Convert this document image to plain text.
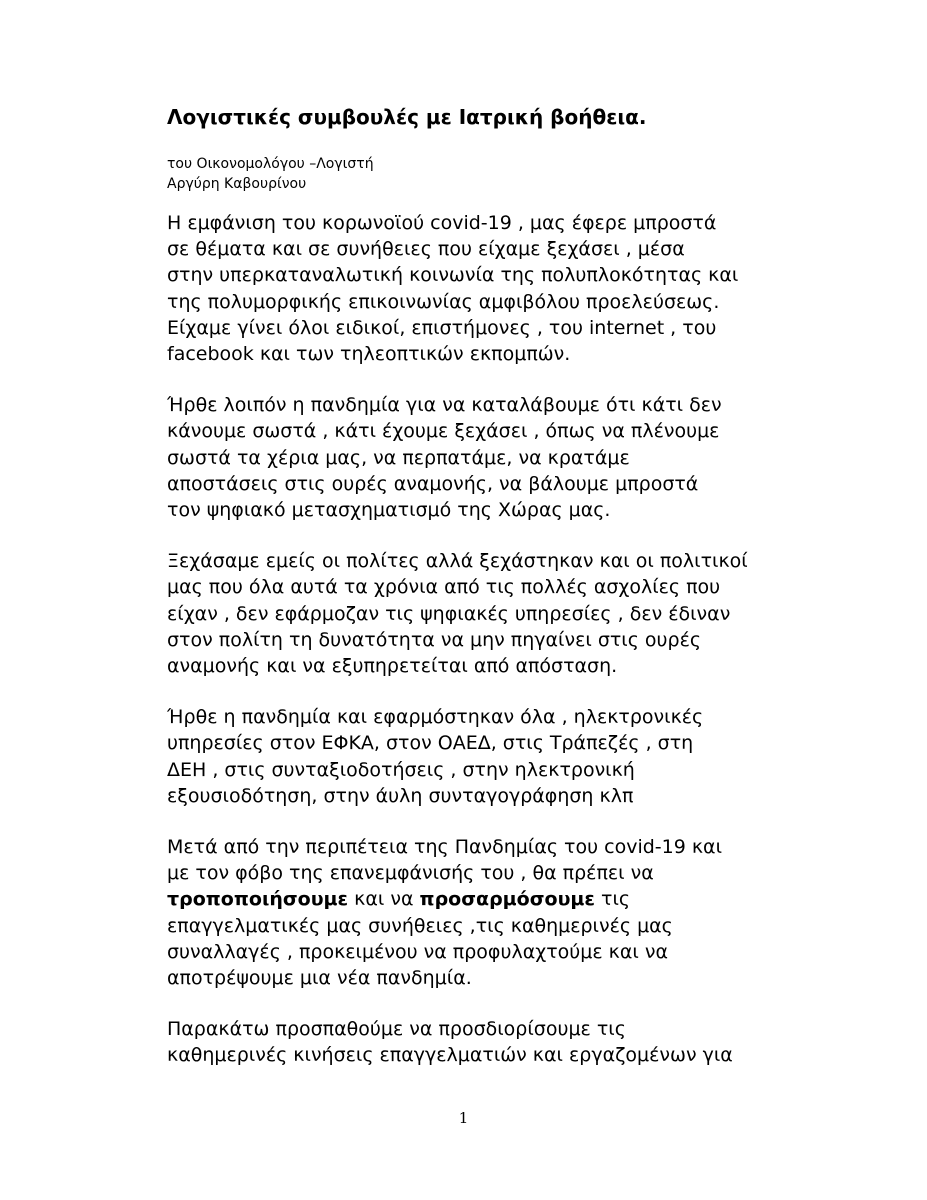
Λογιστικές συμβουλές με Ιατρική βοήθεια.
του Οικονομολόγου –Λογιστή
Αργύρη Καβουρίνου

Η εμφάνιση του κορωνοϊού covid-19 , μας έφερε μπροστά
σε θέματα και σε συνήθειες που είχαμε ξεχάσει , μέσα
στην υπερκαταναλωτική κοινωνία της πολυπλοκότητας και
της πολυμορφικής επικοινωνίας αμφιβόλου προελεύσεως.
Είχαμε γίνει όλοι ειδικοί, επιστήμονες , του internet , του
facebook και των τηλεοπτικών εκπομπών.

Ήρθε λοιπόν η πανδημία για να καταλάβουμε ότι κάτι δεν
κάνουμε σωστά , κάτι έχουμε ξεχάσει , όπως να πλένουμε
σωστά τα χέρια μας, να περπατάμε, να κρατάμε
αποστάσεις στις ουρές αναμονής, να βάλουμε μπροστά
τον ψηφιακό μετασχηματισμό της Χώρας μας.

Ξεχάσαμε εμείς οι πολίτες αλλά ξεχάστηκαν και οι πολιτικοί
μας που όλα αυτά τα χρόνια από τις πολλές ασχολίες που
είχαν , δεν εφάρμοζαν τις ψηφιακές υπηρεσίες , δεν έδιναν
στον πολίτη τη δυνατότητα να μην πηγαίνει στις ουρές
αναμονής και να εξυπηρετείται από απόσταση.

Ήρθε η πανδημία και εφαρμόστηκαν όλα , ηλεκτρονικές
υπηρεσίες στον ΕΦΚΑ, στον ΟΑΕΔ, στις Τράπεζές , στη
ΔΕΗ , στις συνταξιοδοτήσεις , στην ηλεκτρονική
εξουσιοδότηση, στην άυλη συνταγογράφηση κλπ

Μετά από την περιπέτεια της Πανδημίας του covid-19 και
με τον φόβο της επανεμφάνισής του , θα πρέπει να
τροποποιήσουμε και να προσαρμόσουμε τις
επαγγελματικές μας συνήθειες ,τις καθημερινές μας
συναλλαγές , προκειμένου να προφυλαχτούμε και να
αποτρέψουμε μια νέα πανδημία.

Παρακάτω προσπαθούμε να προσδιορίσουμε τις
καθημερινές κινήσεις επαγγελματιών και εργαζομένων για

1
